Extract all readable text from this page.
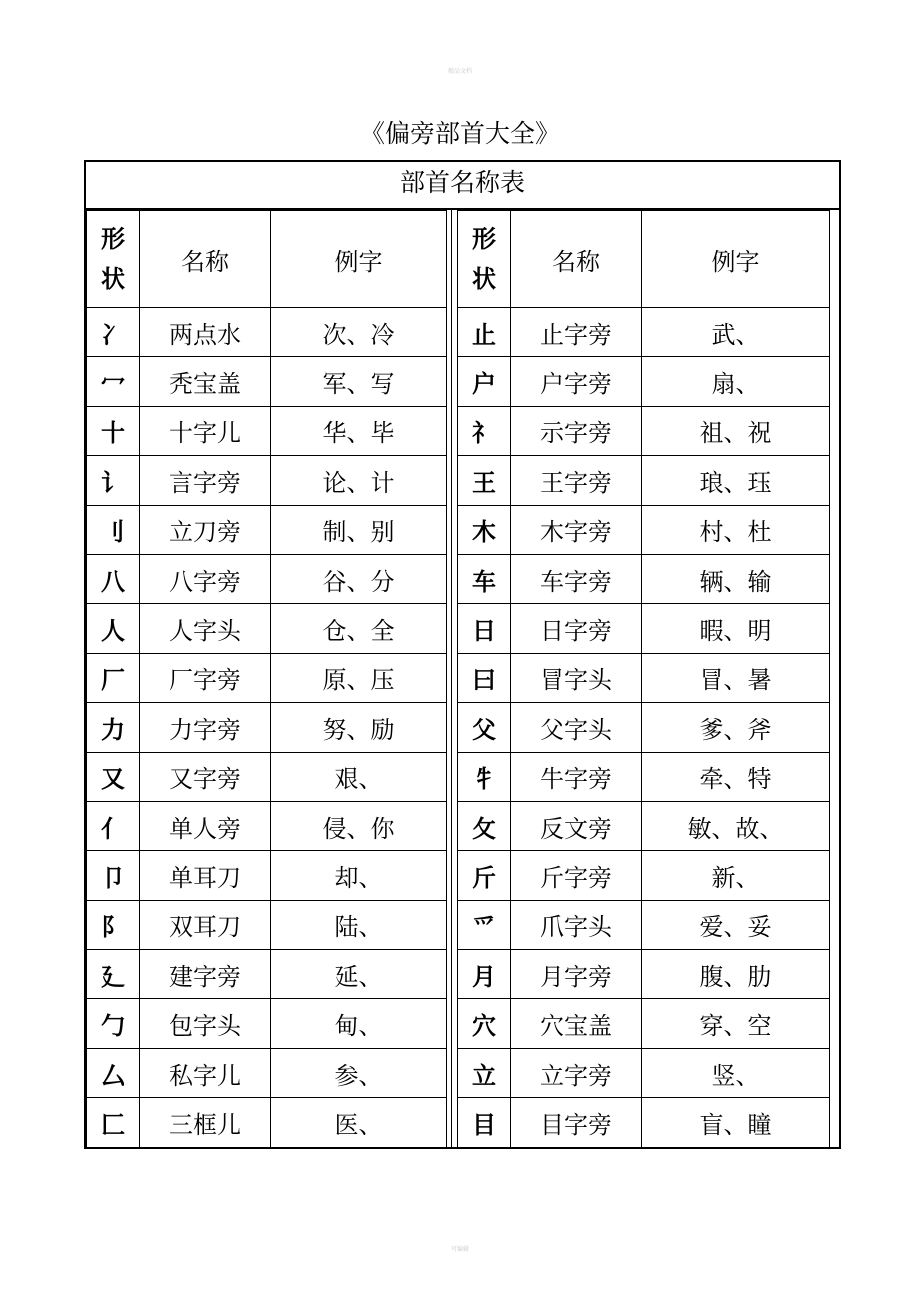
精品文档
《偏旁部首大全》
部首名称表
形
状	名称	例字
冫	两点水	次、冷
冖	秃宝盖	军、写
十	十字儿	华、毕
讠	言字旁	论、计
刂	立刀旁	制、别
八	八字旁	谷、分
人	人字头	仓、全
厂	厂字旁	原、压
力	力字旁	努、励
又	又字旁	艰、
亻	单人旁	侵、你
卩	单耳刀	却、
阝	双耳刀	陆、
廴	建字旁	延、
勹	包字头	甸、
厶	私字儿	参、
匚	三框儿	医、
形
状	名称	例字
止	止字旁	武、
户	户字旁	扇、
礻	示字旁	祖、祝
王	王字旁	琅、珏
木	木字旁	村、杜
车	车字旁	辆、输
日	日字旁	暇、明
曰	冒字头	冒、暑
父	父字头	爹、斧
牜	牛字旁	牵、特
攵	反文旁	敏、故、
斤	斤字旁	新、
爫	爪字头	爱、妥
月	月字旁	腹、肋
穴	穴宝盖	穿、空
立	立字旁	竖、
目	目字旁	盲、瞳
可编辑
